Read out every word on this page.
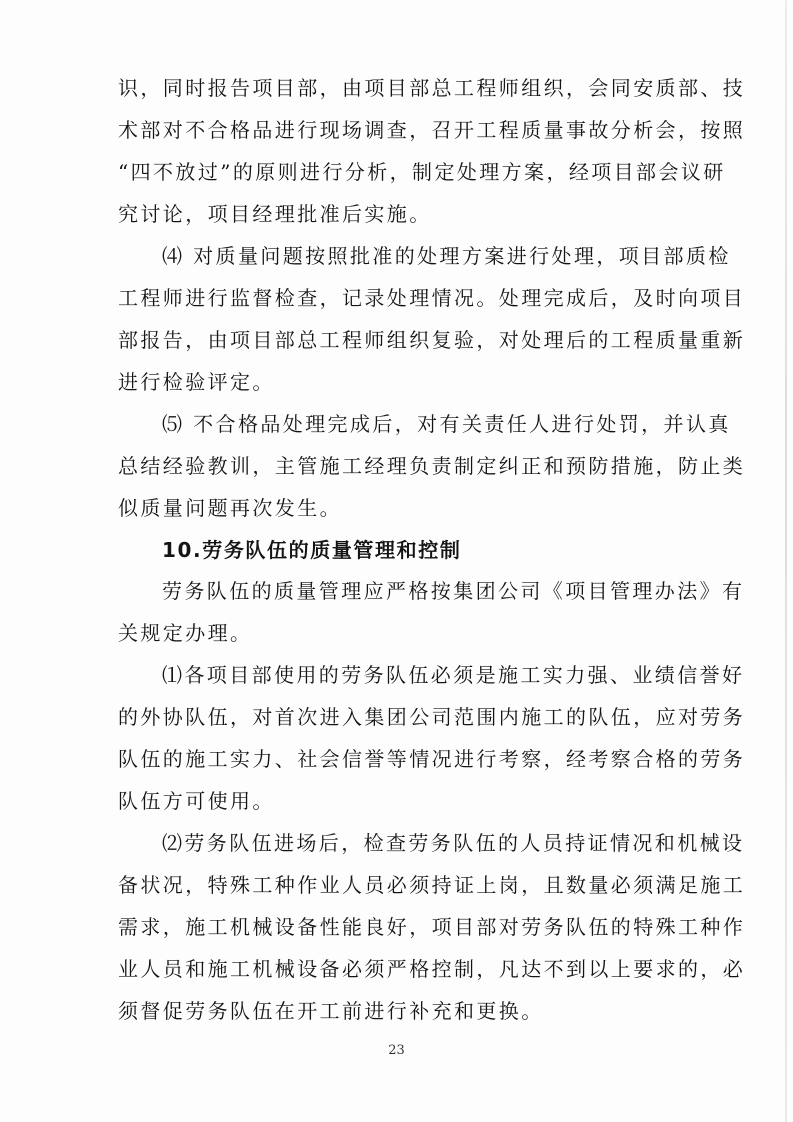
23
识，同时报告项目部，由项目部总工程师组织，会同安质部、技
术部对不合格品进行现场调查，召开工程质量事故分析会，按照
“四不放过”的原则进行分析，制定处理方案，经项目部会议研
究讨论，项目经理批准后实施。
⑷ 对质量问题按照批准的处理方案进行处理，项目部质检
工程师进行监督检查，记录处理情况。处理完成后，及时向项目
部报告，由项目部总工程师组织复验，对处理后的工程质量重新
进行检验评定。
⑸ 不合格品处理完成后，对有关责任人进行处罚，并认真
总结经验教训，主管施工经理负责制定纠正和预防措施，防止类
似质量问题再次发生。
10.劳务队伍的质量管理和控制
劳务队伍的质量管理应严格按集团公司《项目管理办法》有
关规定办理。
⑴各项目部使用的劳务队伍必须是施工实力强、业绩信誉好
的外协队伍，对首次进入集团公司范围内施工的队伍，应对劳务
队伍的施工实力、社会信誉等情况进行考察，经考察合格的劳务
队伍方可使用。
⑵劳务队伍进场后，检查劳务队伍的人员持证情况和机械设
备状况，特殊工种作业人员必须持证上岗，且数量必须满足施工
需求，施工机械设备性能良好，项目部对劳务队伍的特殊工种作
业人员和施工机械设备必须严格控制，凡达不到以上要求的，必
须督促劳务队伍在开工前进行补充和更换。
